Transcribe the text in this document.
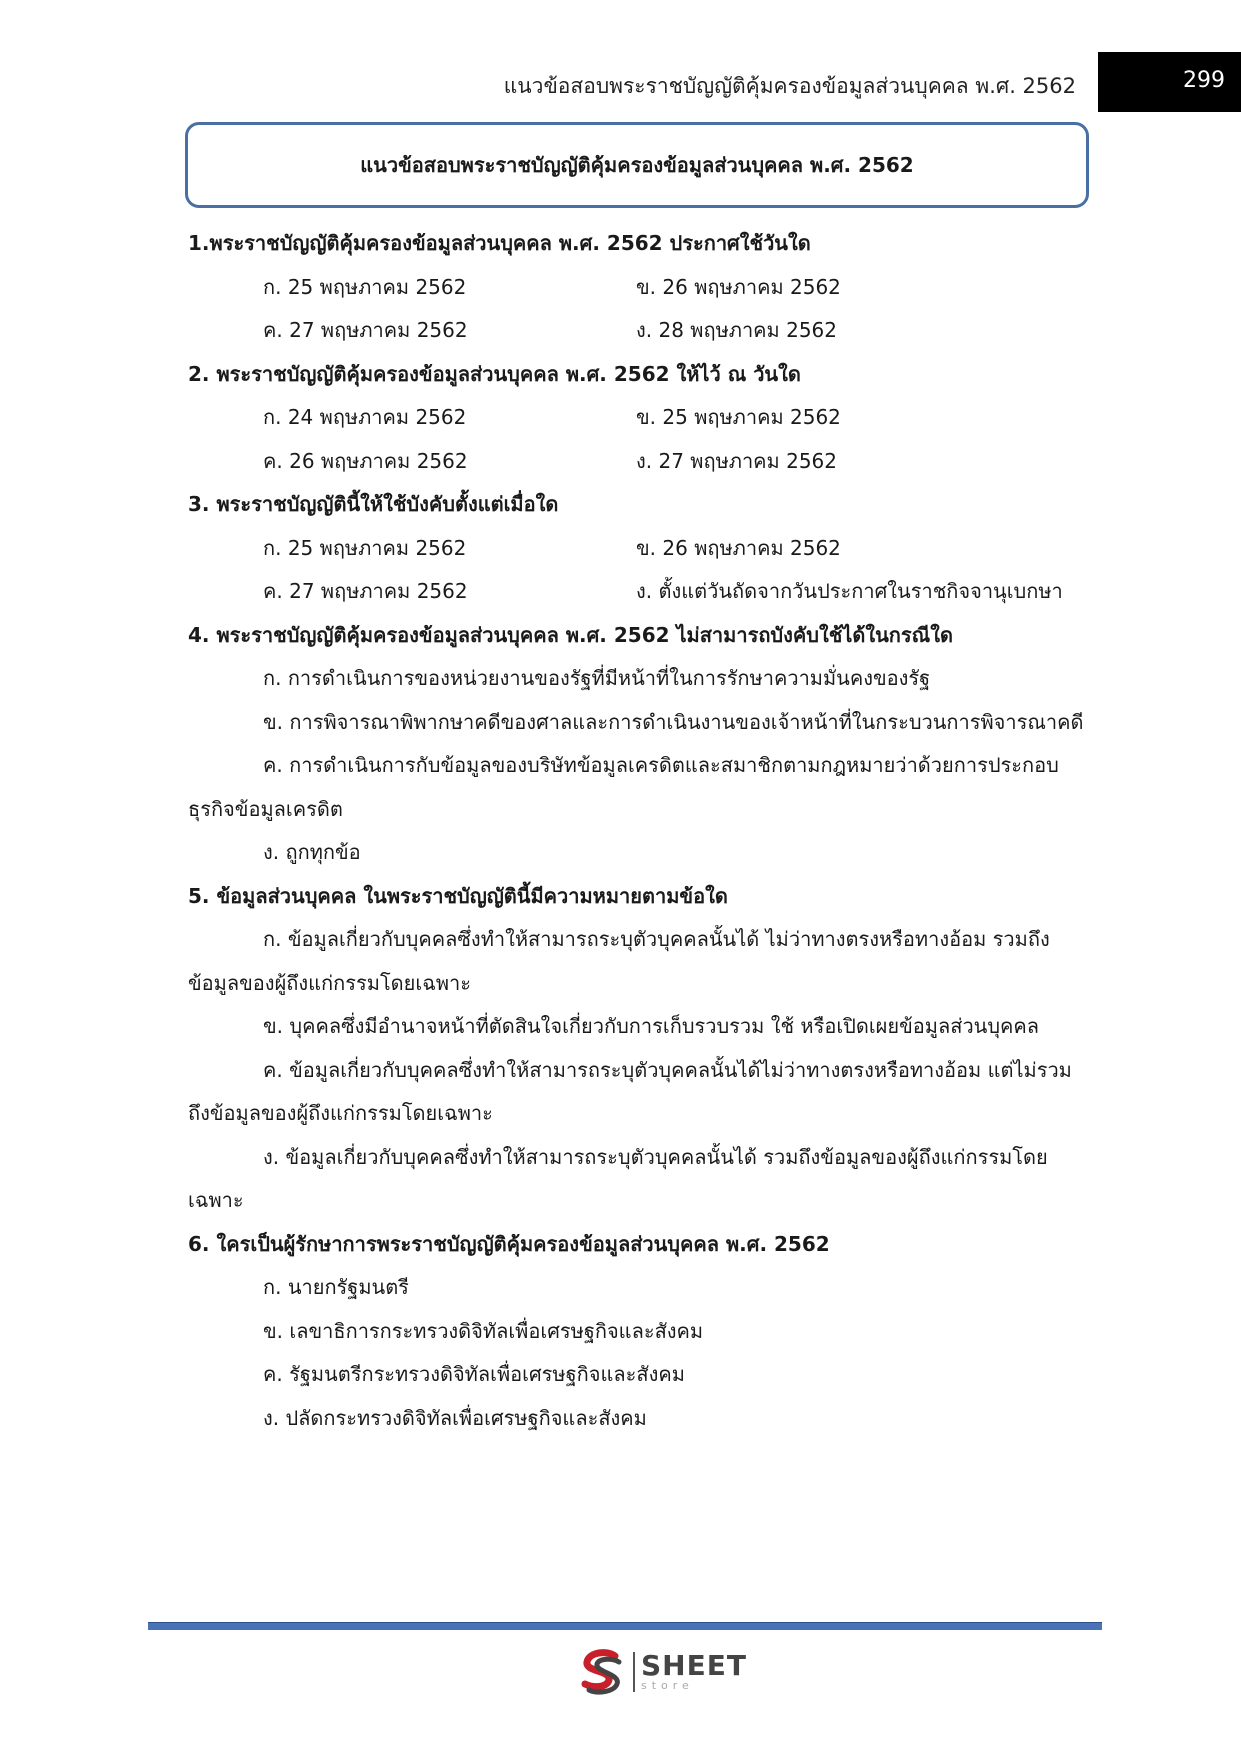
แนวข้อสอบพระราชบัญญัติคุ้มครองข้อมูลส่วนบุคคล พ.ศ. 2562	299
แนวข้อสอบพระราชบัญญัติคุ้มครองข้อมูลส่วนบุคคล พ.ศ. 2562
1.พระราชบัญญัติคุ้มครองข้อมูลส่วนบุคคล พ.ศ. 2562 ประกาศใช้วันใด
ก. 25 พฤษภาคม 2562	ข. 26 พฤษภาคม 2562
ค. 27 พฤษภาคม 2562	ง. 28 พฤษภาคม 2562
2. พระราชบัญญัติคุ้มครองข้อมูลส่วนบุคคล พ.ศ. 2562 ให้ไว้ ณ วันใด
ก. 24 พฤษภาคม 2562	ข. 25 พฤษภาคม 2562
ค. 26 พฤษภาคม 2562	ง. 27 พฤษภาคม 2562
3. พระราชบัญญัตินี้ให้ใช้บังคับตั้งแต่เมื่อใด
ก. 25 พฤษภาคม 2562	ข. 26 พฤษภาคม 2562
ค. 27 พฤษภาคม 2562	ง. ตั้งแต่วันถัดจากวันประกาศในราชกิจจานุเบกษา
4. พระราชบัญญัติคุ้มครองข้อมูลส่วนบุคคล พ.ศ. 2562 ไม่สามารถบังคับใช้ได้ในกรณีใด
ก. การดำเนินการของหน่วยงานของรัฐที่มีหน้าที่ในการรักษาความมั่นคงของรัฐ
ข. การพิจารณาพิพากษาคดีของศาลและการดำเนินงานของเจ้าหน้าที่ในกระบวนการพิจารณาคดี
ค. การดำเนินการกับข้อมูลของบริษัทข้อมูลเครดิตและสมาชิกตามกฎหมายว่าด้วยการประกอบธุรกิจข้อมูลเครดิต
ง. ถูกทุกข้อ
5. ข้อมูลส่วนบุคคล ในพระราชบัญญัตินี้มีความหมายตามข้อใด
ก. ข้อมูลเกี่ยวกับบุคคลซึ่งทำให้สามารถระบุตัวบุคคลนั้นได้ ไม่ว่าทางตรงหรือทางอ้อม รวมถึงข้อมูลของผู้ถึงแก่กรรมโดยเฉพาะ
ข. บุคคลซึ่งมีอำนาจหน้าที่ตัดสินใจเกี่ยวกับการเก็บรวบรวม ใช้ หรือเปิดเผยข้อมูลส่วนบุคคล
ค. ข้อมูลเกี่ยวกับบุคคลซึ่งทำให้สามารถระบุตัวบุคคลนั้นได้ไม่ว่าทางตรงหรือทางอ้อม แต่ไม่รวมถึงข้อมูลของผู้ถึงแก่กรรมโดยเฉพาะ
ง. ข้อมูลเกี่ยวกับบุคคลซึ่งทำให้สามารถระบุตัวบุคคลนั้นได้ รวมถึงข้อมูลของผู้ถึงแก่กรรมโดยเฉพาะ
6. ใครเป็นผู้รักษาการพระราชบัญญัติคุ้มครองข้อมูลส่วนบุคคล พ.ศ. 2562
ก. นายกรัฐมนตรี
ข. เลขาธิการกระทรวงดิจิทัลเพื่อเศรษฐกิจและสังคม
ค. รัฐมนตรีกระทรวงดิจิทัลเพื่อเศรษฐกิจและสังคม
ง. ปลัดกระทรวงดิจิทัลเพื่อเศรษฐกิจและสังคม
SHEET
store
